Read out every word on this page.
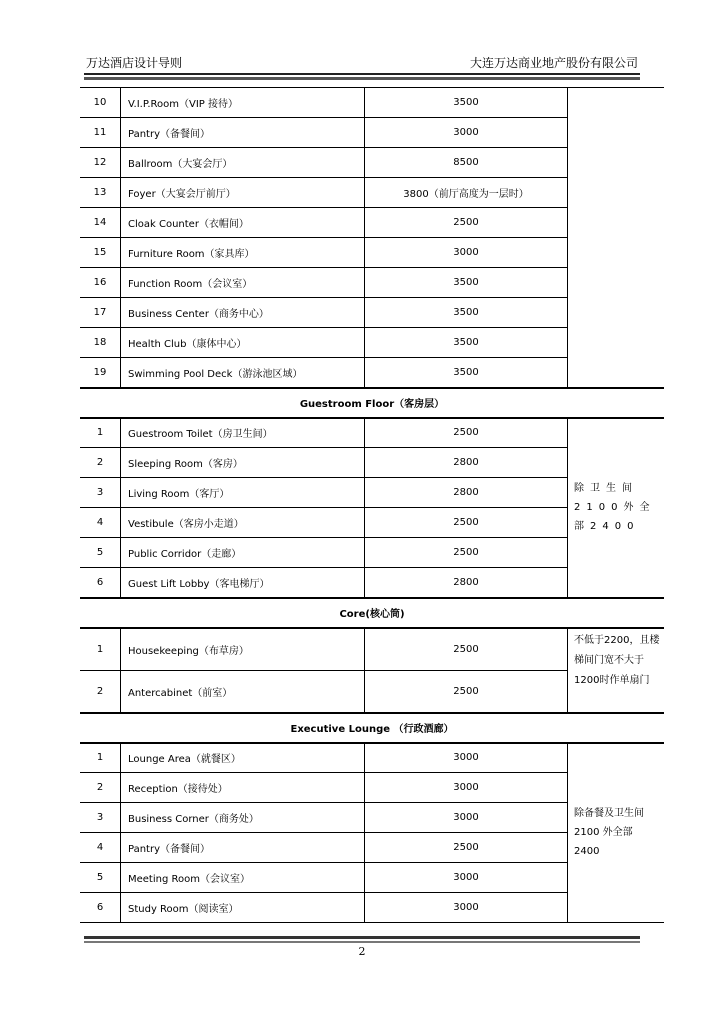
万达酒店设计导则	大连万达商业地产股份有限公司
10	V.I.P.Room（VIP 接待）	3500	
11	Pantry（备餐间）	3000	
12	Ballroom（大宴会厅）	8500	
13	Foyer（大宴会厅前厅）	3800（前厅高度为一层时）	
14	Cloak Counter（衣帽间）	2500	
15	Furniture Room（家具库）	3000	
16	Function Room（会议室）	3500	
17	Business Center（商务中心）	3500	
18	Health Club（康体中心）	3500	
19	Swimming Pool Deck（游泳池区域）	3500	
Guestroom Floor（客房层）			
1	Guestroom Toilet（房卫生间）	2500	除卫生间2100外全部2400

2	Sleeping Room（客房）	2800	
3	Living Room（客厅）	2800	
4	Vestibule（客房小走道）	2500	
5	Public Corridor（走廊）	2500	
6	Guest Lift Lobby（客电梯厅）	2800	
Core(核心筒)			
1	Housekeeping（布草房）	2500	不低于2200，且楼梯间门宽不大于 1200时作单扇门
2	Antercabinet（前室）	2500	
Executive Lounge （行政酒廊）			
1	Lounge Area（就餐区）	3000	除备餐及卫生间 2100 外全部 2400
2	Reception（接待处）	3000	
3	Business Corner（商务处）	3000	
4	Pantry（备餐间）	2500	
5	Meeting Room（会议室）	3000	
6	Study Room（阅读室）	3000	
2
